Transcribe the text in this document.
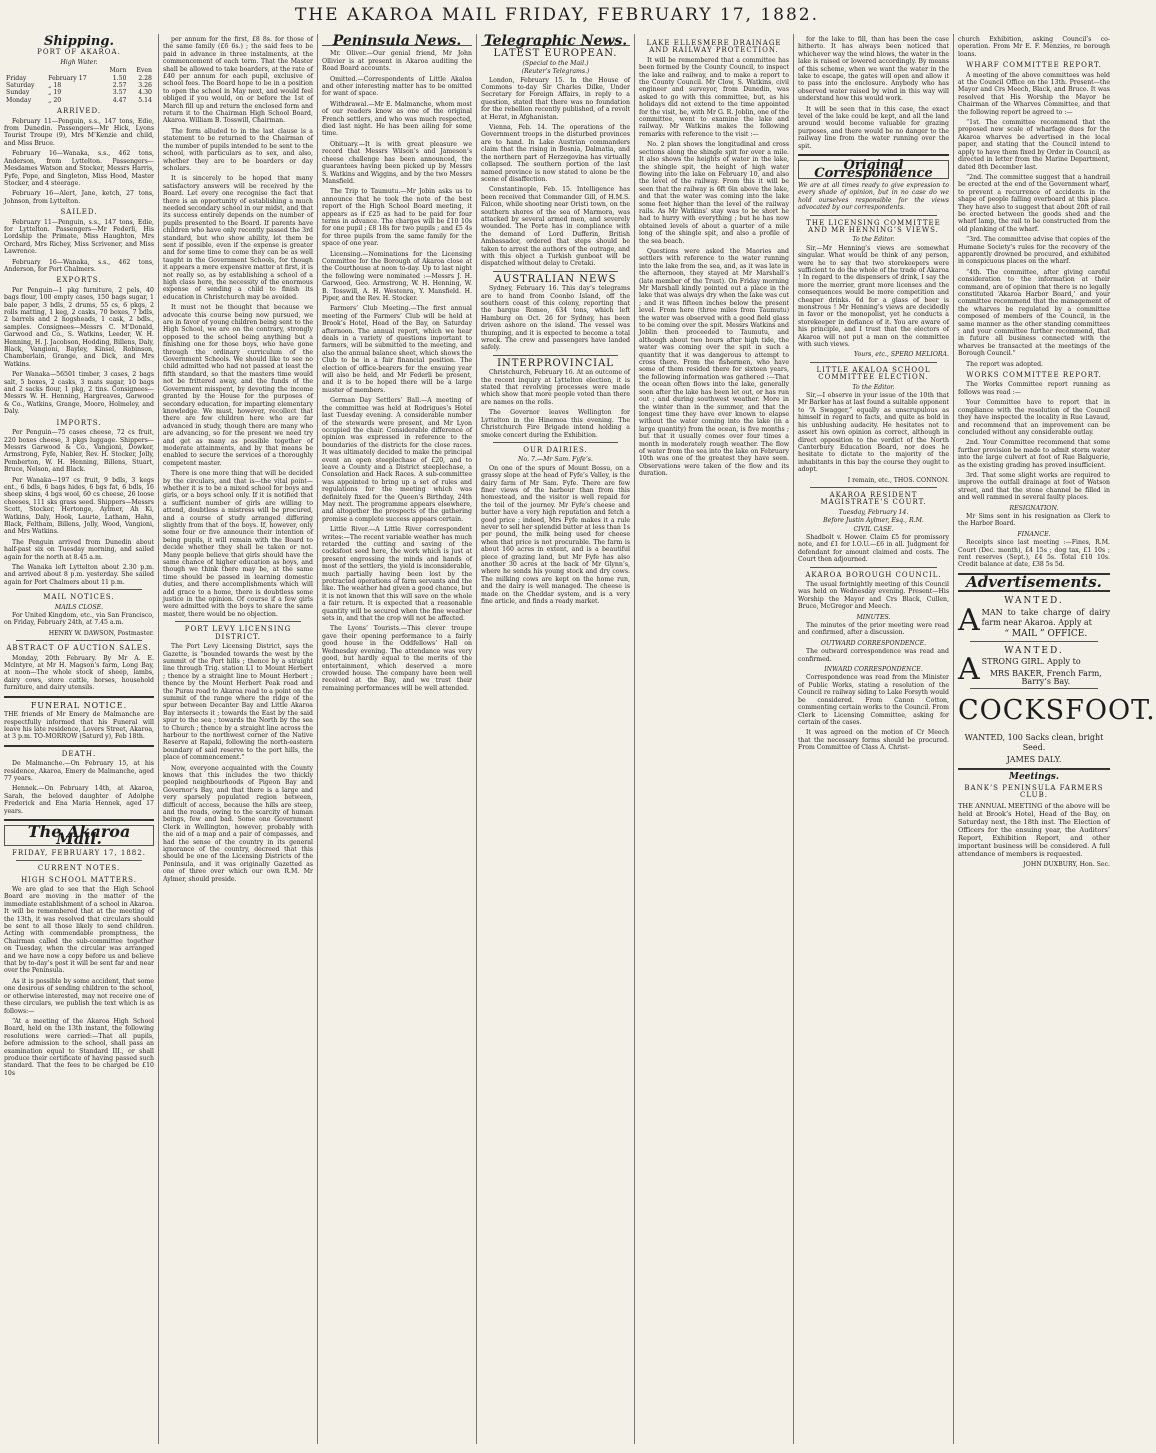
THE AKAROA MAIL FRIDAY, FEBRUARY 17, 1882.
Shipping.
PORT OF AKAROA.
High Water.
		Morn	Even
Friday	February 17	1.50	2.28
Saturday	„ 18	2.57	3.26
Sunday	„ 19	3.57	4.30
Monday	„ 20	4.47	5.14
ARRIVED.
February 11—Penguin, s.s., 147 tons, Edie, from Dunedin. Passengers—Mr Hick, Lyons Tourist Troupe (9), Mrs M’Kenzie and child, and Miss Bruce.
February 16—Wanaka, s.s., 462 tons, Anderson, from Lyttelton. Passengers—Mesdames Watson and Stocker, Messrs Harris, Fyfe, Pope, and Singleton, Miss Hood, Master Stocker, and 4 steerage.
February 16—Alert, Jane, ketch, 27 tons, Johnson, from Lyttelton.
SAILED.
February 11—Penguin, s.s., 147 tons, Edie, for Lyttelton. Passengers—Mr Federli, His Lordship the Primate, Miss Haughton, Mrs Orchard, Mrs Richey, Miss Scrivener, and Miss Lawrence.
February 16—Wanaka, s.s., 462 tons, Anderson, for Port Chalmers.
EXPORTS.
Per Penguin—1 pkg furniture, 2 pels, 40 bags flour, 100 empty cases, 150 bags sugar, 1 bale paper, 3 bdls, 2 drums, 55 cs, 6 pkgs, 2 rolls matting, 1 keg, 2 casks, 70 boxes, 7 bdls, 2 barrels and 2 hogsheads, 1 cask, 2 bdls., samples. Consignees—Messrs C. M’Donald, Garwood and Co., S. Watkins, Leeder, W. H. Henning, H. J. Jacobson, Hodding, Billens, Daly, Black, Vangioni, Bayley, Kinsel, Robinson, Chamberlain, Grange, and Dick, and Mrs Watkins.
Per Wanaka—56501 timber, 3 cases, 2 bags salt, 5 boxes, 2 casks, 3 mats sugar, 10 bags and 2 sacks flour, 1 pkg, 2 tins. Consignees—Messrs W. H. Henning, Hargreaves, Garwood & Co., Watkins, Grange, Moore, Holmeley, and Daly.
IMPORTS.
Per Penguin—75 cases cheese, 72 cs fruit, 220 boxes cheese, 3 pkgs luggage. Shippers—Messrs Garwood & Co., Vangioni, Dowker, Armstrong, Fyfe, Nabler, Rev. H. Stocker, Jolly, Pemberton, W. H. Henning, Billens, Stuart, Bruce, Nelson, and Black.
Per Wanaka—197 cs fruit, 9 bdls, 3 kegs ent., 6 bdls, 6 bags hides, 6 bgs fat, 6 bdls, 16 sheep skins, 4 bgs wool, 60 cs cheese, 26 loose cheeses, 111 sks grass seed. Shippers—Messrs Scott, Stocker, Hertonge, Aylmer, Ah Ki, Watkins, Daly, Hook, Laurie, Latham, Hahn, Black, Feltham, Billens, Jolly, Wood, Vangioni, and Mrs Watkins.
The Penguin arrived from Dunedin about half-past six on Tuesday morning, and sailed again for the north at 8.45 a.m.
The Wanaka left Lyttelton about 2.30 p.m. and arrived about 8 p.m. yesterday. She sailed again for Port Chalmers about 11 p.m.
MAIL NOTICES.
MAILS CLOSE.
For United Kingdom, etc., via San Francisco, on Friday, February 24th, at 7.45 a.m.
HENRY W. DAWSON, Postmaster.
ABSTRACT OF AUCTION SALES.
Monday, 20th February. By Mr A. E. Mclntyre, at Mr H. Magson’s farm, Long Bay, at noon—The whole stock of sheep, lambs, dairy cows, store cattle, horses, household furniture, and dairy utensils.
FUNERAL NOTICE.
THE friends of Mr Emery de Malmanche are respectfully informed that his Funeral will leave his late residence, Lovers Street, Akaroa, at 3 p.m. TO-MORROW (Saturd y), Feb 18th.
DEATH.
De Malmanche.—On February 15, at his residence, Akaroa, Emery de Malmanche, aged 77 years.
Hennek.—On February 14th, at Akaroa, Sarah, the beloved daughter of Adolphe Frederick and Ena Maria Hennek, aged 17 years.
The Akaroa Mail.
FRIDAY, FEBRUARY 17, 1882.
CURRENT NOTES.
HIGH SCHOOL MATTERS.
We are glad to see that the High School Board are moving in the matter of the immediate establishment of a school in Akaroa. It will be remembered that at the meeting of the 13th, it was resolved that circulars should be sent to all those likely to send children. Acting with commendable promptness, the Chairman called the sub-committee together on Tuesday, when the circular was arranged and we have now a copy before us and believe that by to-day’s post it will be sent far and near over the Peninsula.
As it is possible by some accident, that some one desirous of sending children to the school, or otherwise interested, may not receive one of these circulars, we publish the text which is as follows:—
“At a meeting of the Akaroa High School Board, held on the 13th instant, the following resolutions were carried:—That all pupils, before admission to the school, shall pass an examination equal to Standard III., or shall produce their certificate of having passed such standard. That the fees to be charged be £10 10s
per annum for the first, £8 8s. for those of the same family (£6 6s.) ; the said fees to be paid in advance in three instalments, at the commencement of each term. That the Master shall be allowed to take boarders, at the rate of £40 per annum for each pupil, exclusive of school fees. The Board hope to be in a position to open the school in May next, and would feel obliged if you would, on or before the 1st of March fill up and return the enclosed form and return it to the Chairman High School Board, Akaroa. William B. Tosswill, Chairman.
The form alluded to in the last clause is a statement to be returned to the Chairman of the number of pupils intended to be sent to the school, with particulars as to sex, and also, whether they are to be boarders or day scholars.
It is sincerely to be hoped that many satisfactory answers will be received by the Board. Let every one recognise the fact that there is an opportunity of establishing a much needed secondary school in our midst, and that its success entirely depends on the number of pupils presented to the Board. If parents have children who have only recently passed the 3rd standard, but who show ability, let them be sent if possible, even if the expense is greater and for some time to come they can be as well taught in the Government Schools, for though it appears a mere expensive matter at first, it is not really so, as by establishing a school of a high class here, the necessity of the enormous expense of sending a child to finish its education in Christchurch may be avoided.
It must not be thought that because we advocate this course being now pursued, we are in favor of young children being sent to the High School, we are on the contrary, strongly opposed to the school being anything but a finishing one for those boys, who have gone through the ordinary curriculum of the Government Schools. We should like to see no child admitted who had not passed at least the fifth standard, so that the masters time would not be frittered away, and the funds of the Government misspent, by devoting the income granted by the House for the purposes of secondary education, for imparting elementary knowledge. We must, however, recollect that there are few children here who are far advanced in study, though there are many who are advancing, so for the present we need try and get as many as possible together of moderate attainments, and by that means be enabled to secure the services of a thoroughly competent master.
There is one more thing that will be decided by the circulars, and that is—the vital point—whether it is to be a mixed school for boys and girls, or a boys school only. If it is notified that a sufficient number of girls are willing to attend, doubtless a mistress will be procured, and a course of study arranged differing slightly from that of the boys. If, however, only some four or five announce their intention of being pupils, it will remain with the Board to decide whether they shall be taken or not. Many people believe that girls should have the same chance of higher education as boys, and though we think there may be, at the same time should be passed in learning domestic duties, and there accomplishments which will add grace to a home, there is doubtless some justice in the opinion. Of course if a few girls were admitted with the boys to share the same master, there would be no objection.
PORT LEVY LICENSING DISTRICT.
The Port Levy Licensing District, says the Gazette, is “bounded towards the west by the summit of the Port hills ; thence by a straight line through Trig. station L1 to Mount Herbert ; thence by a straight line to Mount Herbert ; thence by the Mount Herbert Peak road and the Purau road to Akaroa road to a point on the summit of the range where the ridge of the spur between Decanter Bay and Little Akaroa Bay intersects it ; towards the East by the said spur to the sea ; towards the North by the sea to Church ; thence by a straight line across the harbour to the northwest corner of the Native Reserve at Rapaki, following the north-eastern boundary of said reserve to the port hills, the place of commencement.”
Now, everyone acquainted with the County knows that this includes the two thickly peopled neighbourhoods of Pigeon Bay and Governor’s Bay, and that there is a large and very sparsely populated region between, difficult of access, because the hills are steep, and the roads, owing to the scarcity of human beings, few and bad. Some one Government Clerk in Wellington, however, probably with the aid of a map and a pair of compasses, and had the sense of the country in its general ignorance of the country, decreed that this should be one of the Licensing Districts of the Peninsula, and it was originally Gazetted as one of three over which our own R.M. Mr Aylmer, should preside.
Peninsula News.
Mr. Oliver.—Our genial friend, Mr John Ollivier is at present in Akaroa auditing the Road Board accounts.
Omitted.—Correspondents of Little Akaloa and other interesting matter has to be omitted for want of space.
Withdrawal.—Mr E. Malmanche, whom most of our readers know as one of the original French settlers, and who was much respected, died last night. He has been ailing for some time.
Obituary.—It is with great pleasure we record that Messrs Wilson’s and Jameson’s cheese challenge has been announced, the guarantees having been picked up by Messrs S. Watkins and Wiggins, and by the two Messrs Mansfield.
The Trip to Taumutu.—Mr Jobin asks us to announce that he took the note of the best report of the High School Board meeting, it appears as if £25 as had to be paid for four terms in advance. The charges will be £10 10s for one pupil ; £8 18s for two pupils ; and £5 4s for three pupils from the same family for the space of one year.
Licensing.—Nominations for the Licensing Committee for the Borough of Akaroa close at the Courthouse at noon to-day. Up to last night the following were nominated :—Messrs J. H. Garwood, Geo. Armstrong, W. H. Henning, W. B. Tosswill, A. H. Westenra, Y. Mansfield. H. Piper, and the Rev. H. Stocker.
Farmers’ Club Meeting.—The first annual meeting of the Farmers’ Club will be held at Brook’s Hotel, Head of the Bay, on Saturday afternoon. The annual report, which we hear deals in a variety of questions important to farmers, will be submitted to the meeting, and also the annual balance sheet, which shows the Club to be in a fair financial position. The election of office-bearers for the ensuing year will also be held, and Mr Federli be present, and it is to be hoped there will be a large muster of members.
German Day Settlers’ Ball.—A meeting of the committee was held at Rodrigues’s Hotel last Tuesday evening. A considerable number of the stewards were present, and Mr Lyon occupied the chair. Considerable difference of opinion was expressed in reference to the boundaries of the districts for the close races. It was ultimately decided to make the principal event an open steeplechase of £20, and to leave a County and a District steeplechase, a Consolation and Hack Races. A sub-committee was appointed to bring up a set of rules and regulations for the meeting which was definitely fixed for the Queen’s Birthday, 24th May next. The programme appears elsewhere, and altogether the prospects of the gathering promise a complete success appears certain.
Little River.—A Little River correspondent writes:—The recent variable weather has much retarded the cutting and saving of the cocksfoot seed here, the work which is just at present engrossing the minds and hands of most of the settlers, the yield is inconsiderable, much partially having been lost by the protracted operations of farm servants and the like. The weather had given a good chance, but it is not known that this will save on the whole a fair return. It is expected that a reasonable quantity will be secured when the fine weather sets in, and that the crop will not be affected.
The Lyons’ Tourists.—This clever troupe gave their opening performance to a fairly good house in the Oddfellows’ Hall on Wednesday evening. The attendance was very good, but hardly equal to the merits of the entertainment, which deserved a more crowded house. The company have been well received at the Bay, and we trust their remaining performances will be well attended.
Telegraphic News.
LATEST EUROPEAN.
(Special to the Mail.)
(Reuter’s Telegrams.)
London, February 15. In the House of Commons to-day Sir Charles Dilke, Under Secretary for Foreign Affairs, in reply to a question, stated that there was no foundation for the rebellion recently published, of a revolt at Herat, in Afghanistan.
Vienna, Feb. 14. The operations of the Government troops in the disturbed provinces are to hand. In Lake Austrian commanders claim that the rising in Bosnia, Dalmatia, and the northern part of Herzegovina has virtually collapsed. The southern portion of the last named province is now stated to alone be the scene of disaffection.
Constantinople, Feb. 15. Intelligence has been received that Commander Gill, of H.M.S. Falcon, while shooting near Oristi town, on the southern shores of the sea of Marmora, was attacked by several armed men, and severely wounded. The Porte has in compliance with the demand of Lord Dufferin, British Ambassador, ordered that steps should be taken to arrest the authors of the outrage, and with this object a Turkish gunboat will be dispatched without delay to Cretaki.
AUSTRALIAN NEWS
Sydney, February 16. This day’s telegrams are to hand from Coonbo Island, off the southern coast of this colony, reporting that the barque Romeo, 634 tons, which left Hamburg on Oct. 26 for Sydney, has been driven ashore on the island. The vessel was thumping, and it is expected to become a total wreck. The crew and passengers have landed safely.
INTERPROVINCIAL
Christchurch, February 16. At an outcome of the recent inquiry at Lyttelton election, it is stated that revolving processes were made which show that more people voted than there are names on the rolls.
The Governor leaves Wellington for Lyttelton in the Hinemoa this evening. The Christchurch Fire Brigade intend holding a smoke concert during the Exhibition.
OUR DAIRIES.
No. 7.—Mr Sam. Fyfe’s.
On one of the spurs of Mount Bossu, on a grassy slope at the head of Fyfe’s Valley, is the dairy farm of Mr Sam. Fyfe. There are few finer views of the harbour than from this homestead, and the visitor is well repaid for the toil of the journey. Mr Fyfe’s cheese and butter have a very high reputation and fetch a good price ; indeed, Mrs Fyfe makes it a rule never to sell her splendid butter at less than 1s per pound, the milk being used for cheese when that price is not procurable. The farm is about 160 acres in extent, and is a beautiful piece of grazing land, but Mr Fyfe has also another 30 acres at the back of Mr Glynn’s, where he sends his young stock and dry cows. The milking cows are kept on the home run, and the dairy is well managed. The cheese is made on the Cheddar system, and is a very fine article, and finds a ready market.
LAKE ELLESMERE DRAINAGE AND RAILWAY PROTECTION.
It will be remembered that a committee has been formed by the County Council, to inspect the lake and railway, and to make a report to the County Council. Mr Clow, S. Watkins, civil engineer and surveyor, from Dunedin, was asked to go with this committee, but, as his holidays did not extend to the time appointed for the visit, he, with Mr G. R. Joblin, one of the committee, went to examine the lake and railway. Mr Watkins makes the following remarks with reference to the visit :—
No. 2 plan shows the longitudinal and cross sections along the shingle spit for over a mile. It also shows the heights of water in the lake, the shingle spit, the height of high water flowing into the lake on February 10, and also the level of the railway. From this it will be seen that the railway is 6ft 6in above the lake, and that the water was coming into the lake some feet higher than the level of the railway rails. As Mr Watkins’ stay was to be short he had to hurry with everything ; but he has now obtained levels of about a quarter of a mile long of the shingle spit, and also a profile of the sea beach.
Questions were asked the Maories and settlers with reference to the water running into the lake from the sea, and, as it was late in the afternoon, they stayed at Mr Marshall’s (late member of the Trust). On Friday morning Mr Marshall kindly pointed out a place in the lake that was always dry when the lake was cut ; and it was fifteen inches below the present level. From here (three miles from Taumutu) the water was observed with a good field glass to be coming over the spit. Messrs Watkins and Joblin then proceeded to Taumutu, and although about two hours after high tide, the water was coming over the spit in such a quantity that it was dangerous to attempt to cross there. From the fishermen, who have some of them resided there for sixteen years, the following information was gathered :—That the ocean often flows into the lake, generally soon after the lake has been let out, or has run out ; and during southwest weather. More in the winter than in the summer, and that the longest time they have ever known to elapse without the water coming into the lake (in a large quantity) from the ocean, is five months ; but that it usually comes over four times a month in moderately rough weather. The flow of water from the sea into the lake on February 10th was one of the greatest they have seen. Observations were taken of the flow and its duration.
for the lake to fill, than has been the case hitherto. It has always been noticed that whichever way the wind blows, the water in the lake is raised or lowered accordingly. By means of this scheme, when we want the water in the lake to escape, the gates will open and allow it to pass into the enclosure. Anybody who has observed water raised by wind in this way will understand how this would work.
It will be seen that in this case, the exact level of the lake could be kept, and all the land around would become valuable for grazing purposes, and there would be no danger to the railway line from the water running over the spit.
Original Correspondence
We are at all times ready to give expression to every shade of opinion, but in no case do we hold ourselves responsible for the views advocated by our correspondents.
THE LICENSING COMMITTEE AND MR HENNING’S VIEWS.
To the Editor.
Sir,—Mr Henning’s views are somewhat singular. What would be think of any person, were he to say that two storekeepers were sufficient to do the whole of the trade of Akaroa ! In regard to the dispensers of drink, I say the more the merrier, grant more licenses and the consequences would be more competition and cheaper drinks. 6d for a glass of beer is monstrous ! Mr Henning’s views are decidedly in favor or the monopolist, yet he conducts a storekeeper in defiance of it. You are aware of his principle, and I trust that the electors of Akaroa will not put a man on the committee with such views.
Yours, etc., SPERO MELIORA.
LITTLE AKALOA SCHOOL COMMITTEE ELECTION.
To the Editor.
Sir,—I observe in your issue of the 10th that Mr Barker has at last found a suitable opponent to “A Swagger,” equally as unscrupulous as himself in regard to facts, and quite as bold in his unblushing audacity. He hesitates not to assert his own opinion as correct, although in direct opposition to the verdict of the North Canterbury Education Board, nor does he hesitate to dictate to the majority of the inhabitants in this bay the course they ought to adopt.
I remain, etc., THOS. CONNON.
AKAROA RESIDENT MAGISTRATE’S COURT.
Tuesday, February 14.
Before Justin Aylmer, Esq., R.M.
CIVIL CASE.
Shadbolt v. Hower. Claim £5 for promissory note, and £1 for I.O.U.—£6 in all. Judgment for defendant for amount claimed and costs. The Court then adjourned.
AKAROA BOROUGH COUNCIL.
The usual fortnightly meeting of this Council was held on Wednesday evening. Present—His Worship the Mayor and Crs Black, Cullen, Bruce, McGregor and Meech.
MINUTES.
The minutes of the prior meeting were read and confirmed, after a discussion.
OUTWARD CORRESPONDENCE.
The outward correspondence was read and confirmed.
INWARD CORRESPONDENCE.
Correspondence was read from the Minister of Public Works, stating a resolution of the Council re railway siding to Lake Forsyth would be considered. From Canon Cotton, commenting certain works to the Council. From Clerk to Licensing Committee, asking for certain of the cases.
It was agreed on the motion of Cr Meech that the necessary forms should be procured. From Committee of Class A. Christ-
church Exhibition, asking Council’s co-operation. From Mr E. F. Menzies, re borough loans.
WHARF COMMITTEE REPORT.
A meeting of the above committees was held at the Council Office on the 13th. Present—the Mayor and Crs Meech, Black, and Bruce. It was resolved that His Worship the Mayor be Chairman of the Wharves Committee, and that the following report be agreed to :—
“1st. The committee recommend that the proposed new scale of wharfage dues for the Akaroa wharves be advertised in the local paper, and stating that the Council intend to apply to have them fixed by Order in Council, as directed in letter from the Marine Department, dated 8th December last.
“2nd. The committee suggest that a handrail be erected at the end of the Government wharf, to prevent a recurrence of accidents in the shape of people falling overboard at this place. They have also to suggest that about 20ft of rail be erected between the goods shed and the wharf lamp, the rail to be constructed from the old planking of the wharf.
“3rd. The committee advise that copies of the Humane Society’s rules for the recovery of the apparently drowned be procured, and exhibited in conspicuous places on the wharf.
“4th. The committee, after giving careful consideration to the information at their command, are of opinion that there is no legally constituted ‘Akaroa Harbor Board,’ and your committee recommend that the management of the wharves be regulated by a committee composed of members of the Council, in the same manner as the other standing committees ; and your committee further recommend, that in future all business connected with the wharves be transacted at the meetings of the Borough Council.”
The report was adopted.
WORKS COMMITTEE REPORT.
The Works Committee report running as follows was read :—
Your Committee have to report that in compliance with the resolution of the Council they have inspected the locality in Rue Lavaud, and recommend that an improvement can be concluded without any considerable outlay.
2nd. Your Committee recommend that some further provision be made to admit storm water into the large culvert at foot of Rue Balguerie, as the existing grading has proved insufficient.
3rd. That some slight works are required to improve the outfall drainage at foot of Watson street, and that the stone channel be filled in and well rammed in several faulty places.
RESIGNATION.
Mr Sims sent in his resignation as Clerk to the Harbor Board.
FINANCE.
Receipts since last meeting :—Fines, R.M. Court (Dec. month), £4 15s ; dog tax, £1 10s ; rent reserves (Sept.), £4 5s. Total £10 10s. Credit balance at date, £38 5s 5d.
Advertisements.
WANTED.
A MAN to take charge of dairy farm near Akaroa. Apply at
“ MAIL ” OFFICE.
WANTED.
A STRONG GIRL. Apply to
MRS BAKER, French Farm, Barry’s Bay.
COCKSFOOT.
WANTED, 100 Sacks clean, bright Seed.
JAMES DALY.
Meetings.
BANK’S PENINSULA FARMERS CLUB.
THE ANNUAL MEETING of the above will be held at Brook’s Hotel, Head of the Bay, on Saturday next, the 18th inst. The Election of Officers for the ensuing year, the Auditors’ Report, Exhibition Report, and other important business will be considered. A full attendance of members is requested.
JOHN DUXBURY, Hon. Sec.
